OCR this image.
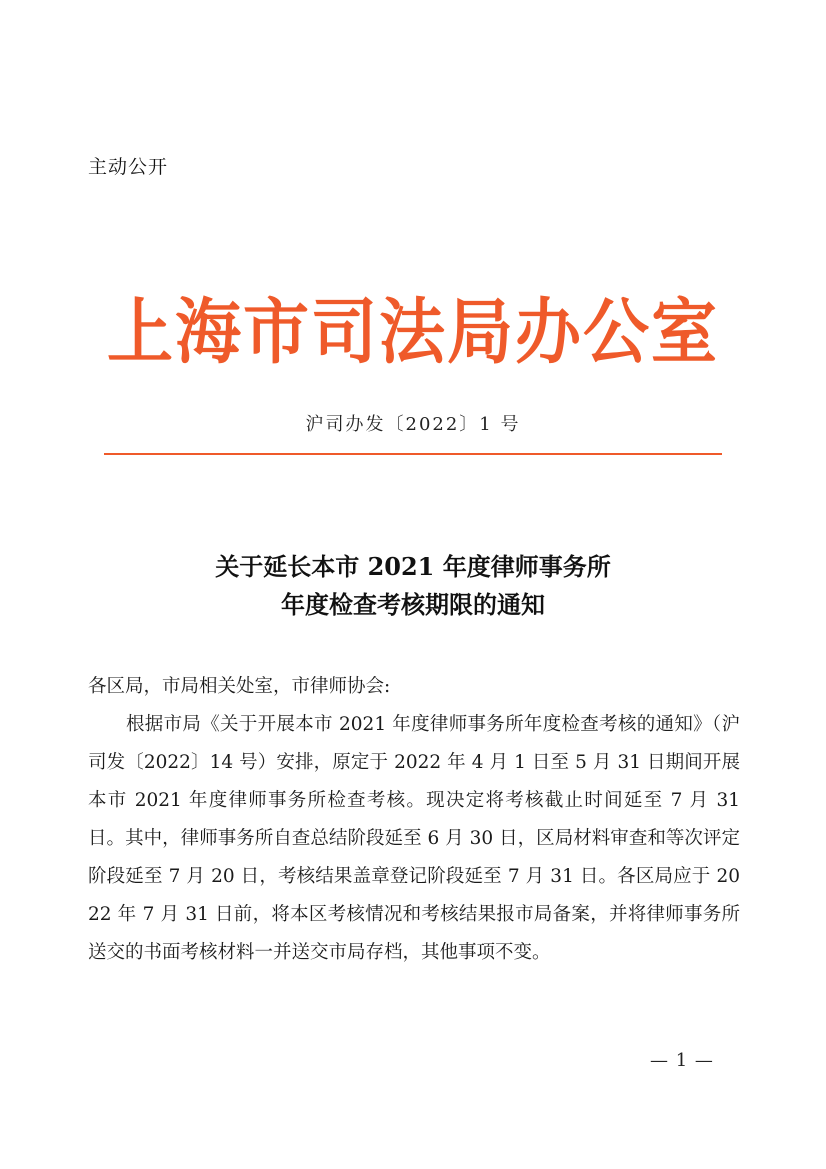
主动公开
上海市司法局办公室
沪司办发〔2022〕1 号
关于延长本市 2021 年度律师事务所
年度检查考核期限的通知
各区局，市局相关处室，市律师协会:
根据市局《关于开展本市 2021 年度律师事务所年度检查考核的通知》（沪司发〔2022〕14 号）安排，原定于 2022 年 4 月 1 日至 5 月 31 日期间开展本市 2021 年度律师事务所检查考核。现决定将考核截止时间延至 7 月 31 日。其中，律师事务所自查总结阶段延至 6 月 30 日，区局材料审查和等次评定阶段延至 7 月 20 日，考核结果盖章登记阶段延至 7 月 31 日。各区局应于 2022 年 7 月 31 日前，将本区考核情况和考核结果报市局备案，并将律师事务所送交的书面考核材料一并送交市局存档，其他事项不变。
— 1 —
